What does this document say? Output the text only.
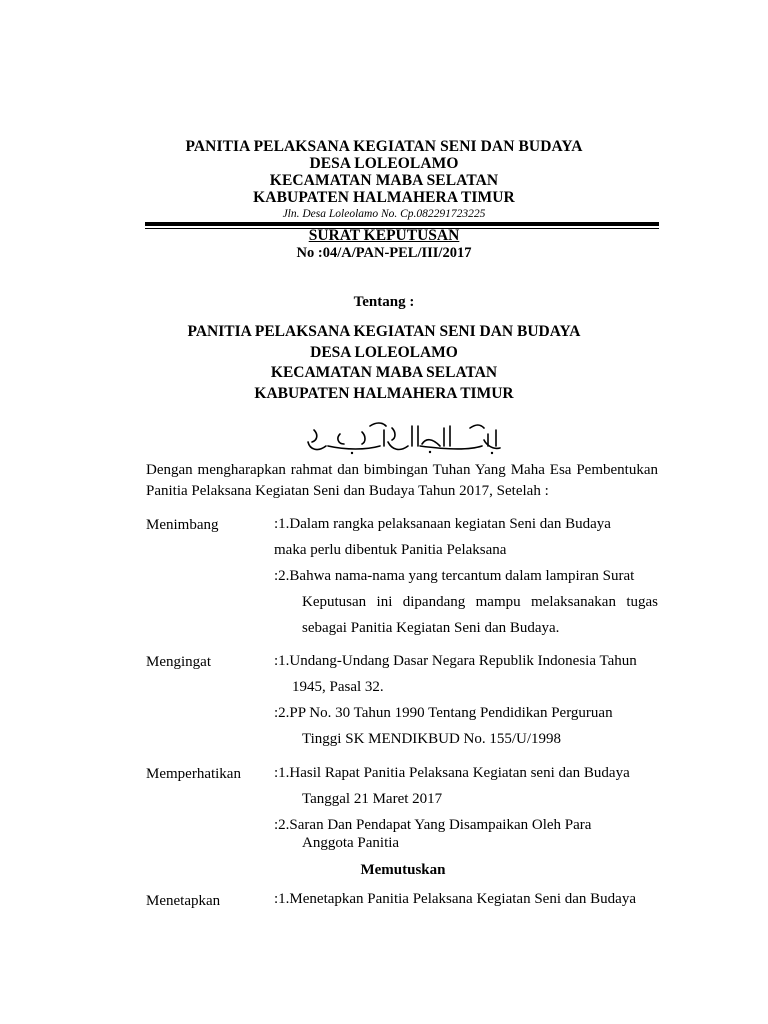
PANITIA PELAKSANA KEGIATAN SENI DAN BUDAYA
DESA LOLEOLAMO
KECAMATAN MABA SELATAN
KABUPATEN HALMAHERA TIMUR
Jln. Desa Loleolamo No. Cp.082291723225
SURAT KEPUTUSAN
No :04/A/PAN-PEL/III/2017
Tentang :
PANITIA PELAKSANA KEGIATAN SENI DAN BUDAYA
DESA LOLEOLAMO
KECAMATAN MABA SELATAN
KABUPATEN HALMAHERA TIMUR
Dengan mengharapkan rahmat dan bimbingan Tuhan Yang Maha Esa Pembentukan Panitia Pelaksana Kegiatan Seni dan Budaya Tahun 2017, Setelah :
Menimbang	:1.Dalam rangka pelaksanaan kegiatan Seni dan Budaya
maka perlu dibentuk Panitia Pelaksana
:2.Bahwa nama-nama yang tercantum dalam lampiran Surat
Keputusan ini dipandang mampu melaksanakan tugas sebagai Panitia Kegiatan Seni dan Budaya.
Mengingat	:1.Undang-Undang Dasar Negara Republik Indonesia Tahun
1945, Pasal 32.
:2.PP No. 30 Tahun 1990 Tentang Pendidikan Perguruan
Tinggi SK MENDIKBUD No. 155/U/1998
Memperhatikan :1.Hasil Rapat Panitia Pelaksana Kegiatan seni dan Budaya
Tanggal 21 Maret 2017
:2.Saran Dan Pendapat Yang Disampaikan Oleh Para
Anggota Panitia
Memutuskan
Menetapkan	:1.Menetapkan Panitia Pelaksana Kegiatan Seni dan Budaya
